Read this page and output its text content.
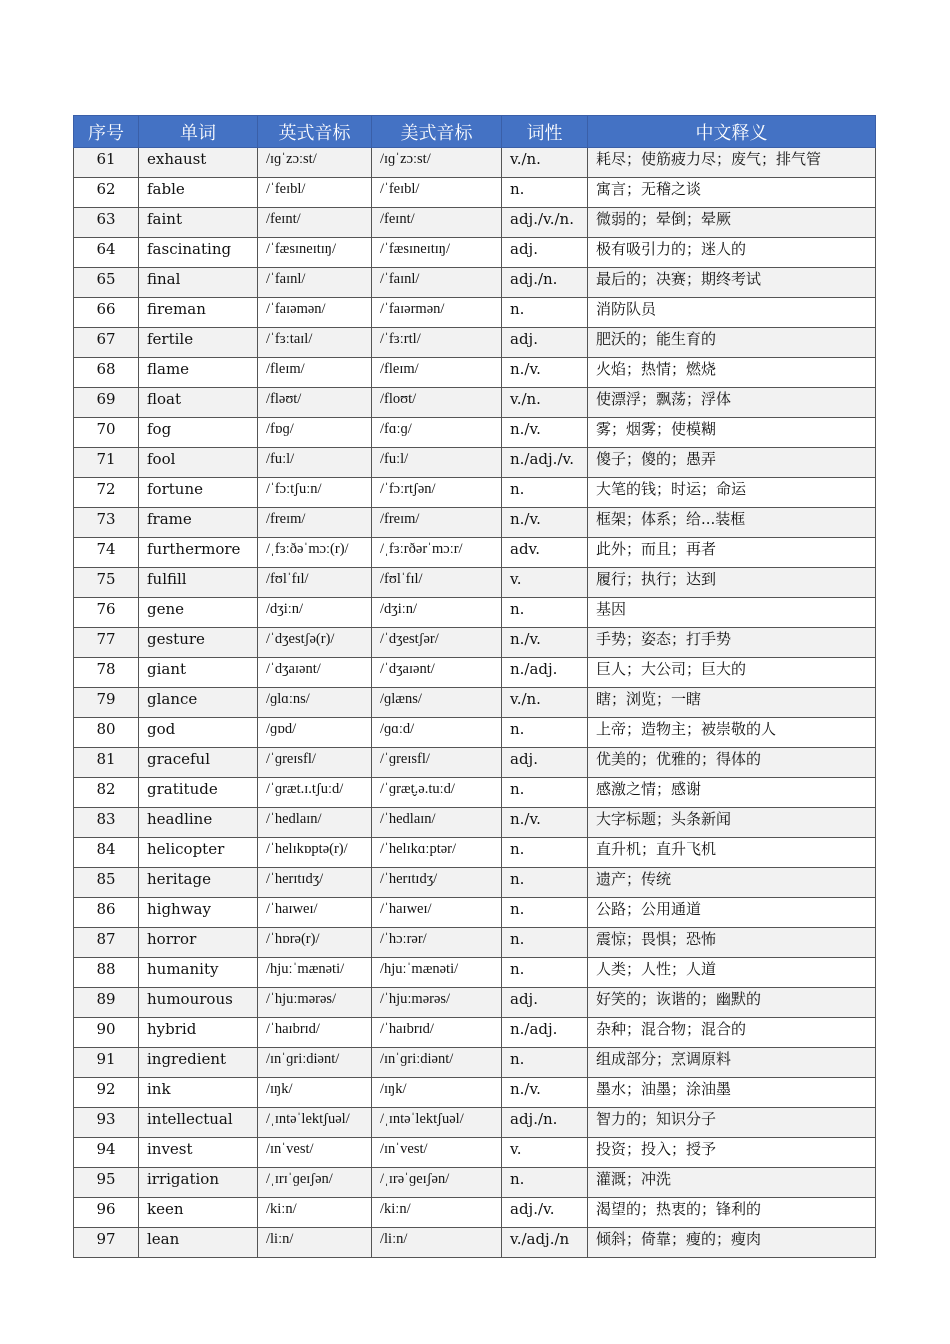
序号	单词	英式音标	美式音标	词性	中文释义
61	exhaust	/ɪɡˈzɔːst/	/ɪɡˈzɔːst/	v./n.	耗尽；使筋疲力尽；废气；排气管
62	fable	/ˈfeɪbl/	/ˈfeɪbl/	n.	寓言；无稽之谈
63	faint	/feɪnt/	/feɪnt/	adj./v./n.	微弱的；晕倒；晕厥
64	fascinating	/ˈfæsɪneɪtɪŋ/	/ˈfæsɪneɪtɪŋ/	adj.	极有吸引力的；迷人的
65	final	/ˈfaɪnl/	/ˈfaɪnl/	adj./n.	最后的；决赛；期终考试
66	fireman	/ˈfaɪəmən/	/ˈfaɪərmən/	n.	消防队员
67	fertile	/ˈfɜːtaɪl/	/ˈfɜːrtl/	adj.	肥沃的；能生育的
68	flame	/fleɪm/	/fleɪm/	n./v.	火焰；热情；燃烧
69	float	/fləʊt/	/floʊt/	v./n.	使漂浮；飘荡；浮体
70	fog	/fɒɡ/	/fɑːɡ/	n./v.	雾；烟雾；使模糊
71	fool	/fuːl/	/fuːl/	n./adj./v.	傻子；傻的；愚弄
72	fortune	/ˈfɔːtʃuːn/	/ˈfɔːrtʃən/	n.	大笔的钱；时运；命运
73	frame	/freɪm/	/freɪm/	n./v.	框架；体系；给...装框
74	furthermore	/ˌfɜːðəˈmɔː(r)/	/ˌfɜːrðərˈmɔːr/	adv.	此外；而且；再者
75	fulfill	/fʊlˈfɪl/	/fʊlˈfɪl/	v.	履行；执行；达到
76	gene	/dʒiːn/	/dʒiːn/	n.	基因
77	gesture	/ˈdʒestʃə(r)/	/ˈdʒestʃər/	n./v.	手势；姿态；打手势
78	giant	/ˈdʒaɪənt/	/ˈdʒaɪənt/	n./adj.	巨人；大公司；巨大的
79	glance	/ɡlɑːns/	/ɡlæns/	v./n.	瞎；浏览；一瞎
80	god	/ɡɒd/	/ɡɑːd/	n.	上帝；造物主；被崇敬的人
81	graceful	/ˈɡreɪsfl/	/ˈɡreɪsfl/	adj.	优美的；优雅的；得体的
82	gratitude	/ˈɡræt.ɪ.tʃuːd/	/ˈɡræt̬.ə.tuːd/	n.	感激之情；感谢
83	headline	/ˈhedlaɪn/	/ˈhedlaɪn/	n./v.	大字标题；头条新闻
84	helicopter	/ˈhelɪkɒptə(r)/	/ˈhelɪkɑːptər/	n.	直升机；直升飞机
85	heritage	/ˈherɪtɪdʒ/	/ˈherɪtɪdʒ/	n.	遗产；传统
86	highway	/ˈhaɪweɪ/	/ˈhaɪweɪ/	n.	公路；公用通道
87	horror	/ˈhɒrə(r)/	/ˈhɔːrər/	n.	震惊；畏惧；恐怖
88	humanity	/hjuːˈmænəti/	/hjuːˈmænəti/	n.	人类；人性；人道
89	humourous	/ˈhjuːmərəs/	/ˈhjuːmərəs/	adj.	好笑的；诙谐的；幽默的
90	hybrid	/ˈhaɪbrɪd/	/ˈhaɪbrɪd/	n./adj.	杂种；混合物；混合的
91	ingredient	/ɪnˈɡriːdiənt/	/ɪnˈɡriːdiənt/	n.	组成部分；烹调原料
92	ink	/ɪŋk/	/ɪŋk/	n./v.	墨水；油墨；涂油墨
93	intellectual	/ˌɪntəˈlektʃuəl/	/ˌɪntəˈlektʃuəl/	adj./n.	智力的；知识分子
94	invest	/ɪnˈvest/	/ɪnˈvest/	v.	投资；投入；授予
95	irrigation	/ˌɪrɪˈɡeɪʃən/	/ˌɪrəˈɡeɪʃən/	n.	灌溉；冲洗
96	keen	/kiːn/	/kiːn/	adj./v.	渴望的；热衷的；锋利的
97	lean	/liːn/	/liːn/	v./adj./n	倾斜；倚靠；瘦的；瘦肉
